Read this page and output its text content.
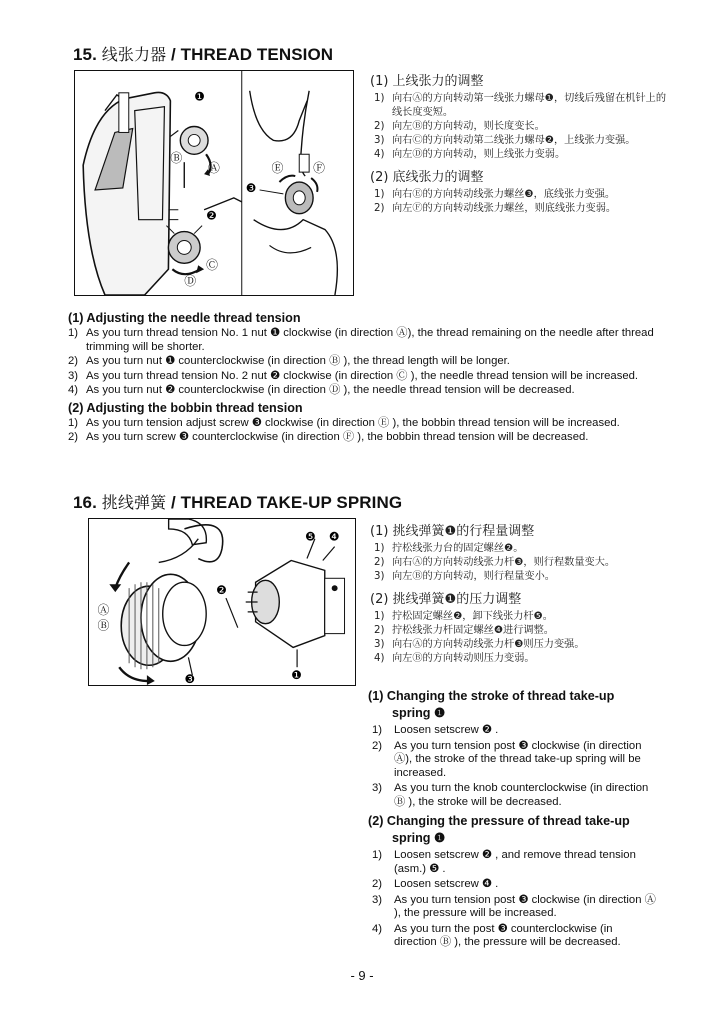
15. 线张力器 / THREAD TENSION
❶
Ⓑ
Ⓐ
❷
Ⓒ
Ⓓ
Ⓔ Ⓕ
❸
(1) 上线张力的调整
1) 向右Ⓐ的方向转动第一线张力螺母❶，切线后残留在机针上的线长度变短。
2) 向左Ⓑ的方向转动，则长度变长。
3) 向右Ⓒ的方向转动第二线张力螺母❷，上线张力变强。
4) 向左Ⓓ的方向转动，则上线张力变弱。
(2) 底线张力的调整
1) 向右Ⓔ的方向转动线张力螺丝❸，底线张力变强。
2) 向左Ⓕ的方向转动线张力螺丝，则底线张力变弱。
(1) Adjusting the needle thread tension
1) As you turn thread tension No. 1 nut ❶ clockwise (in direction Ⓐ), the thread remaining on the needle after thread trimming will be shorter.
2) As you turn nut ❶ counterclockwise (in direction Ⓑ ), the thread length will be longer.
3) As you turn thread tension No. 2 nut ❷ clockwise (in direction Ⓒ ), the needle thread tension will be increased.
4) As you turn nut ❷ counterclockwise (in direction Ⓓ ), the needle thread tension will be decreased.
(2) Adjusting the bobbin thread tension
1) As you turn tension adjust screw ❸ clockwise (in direction Ⓔ ), the bobbin thread tension will be increased.
2) As you turn screw ❸ counterclockwise (in direction Ⓕ ), the bobbin thread tension will be decreased.
16. 挑线弹簧 / THREAD TAKE-UP SPRING
Ⓐ
Ⓑ
❷
❸
❺ ❹
❶
(1) 挑线弹簧❶的行程量调整
1) 拧松线张力台的固定螺丝❷。
2) 向右Ⓐ的方向转动线张力杆❸，则行程数量变大。
3) 向左Ⓑ的方向转动，则行程量变小。
(2) 挑线弹簧❶的压力调整
1) 拧松固定螺丝❷，卸下线张力杆❺。
2) 拧松线张力杆固定螺丝❹进行调整。
3) 向右Ⓐ的方向转动线张力杆❸则压力变强。
4) 向左Ⓑ的方向转动则压力变弱。
(1) Changing the stroke of thread take-up
spring ❶
1)	Loosen setscrew ❷ .
2)	As you turn tension post ❸ clockwise (in direction Ⓐ), the stroke of the thread take-up spring will be increased.
3)	As you turn the knob counterclockwise (in direction Ⓑ ), the stroke will be decreased.
(2) Changing the pressure of thread take-up
spring ❶
1)	Loosen setscrew ❷ , and remove thread tension (asm.) ❺ .
2)	Loosen setscrew ❹ .
3)	As you turn tension post ❸ clockwise (in direction Ⓐ ), the pressure will be increased.
4)	As you turn the post ❸ counterclockwise (in direction Ⓑ ), the pressure will be decreased.
- 9 -
